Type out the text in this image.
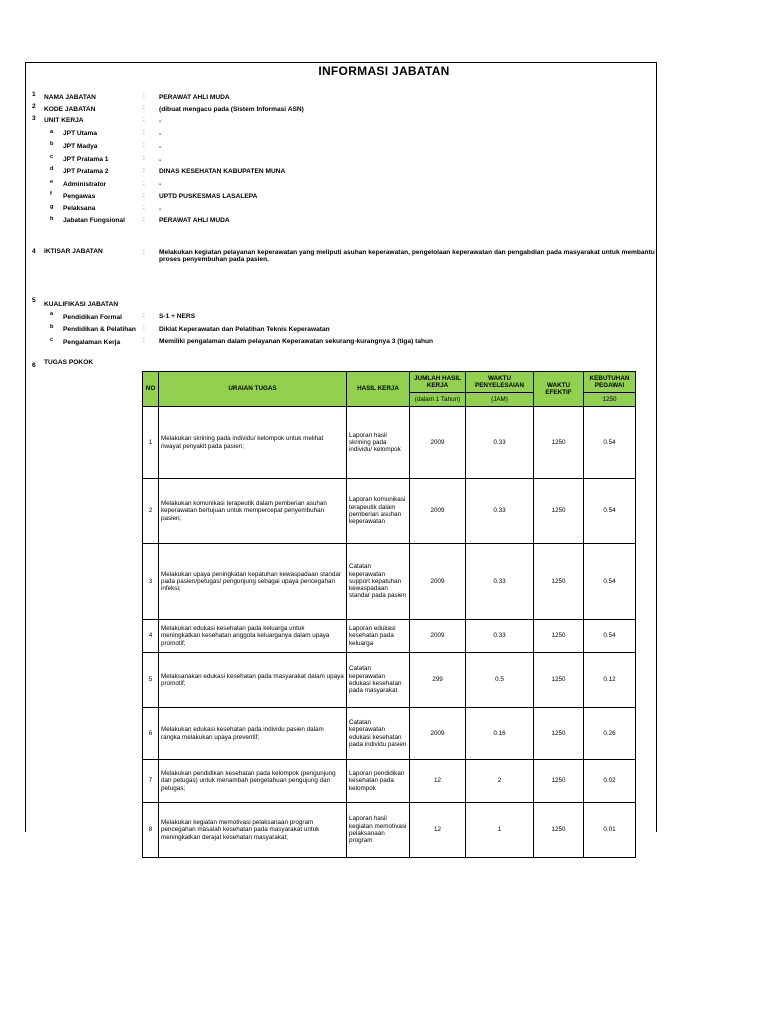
INFORMASI JABATAN
1 NAMA JABATAN	: PERAWAT AHLI MUDA
2 KODE JABATAN	: (dibuat mengacu pada (Sistem Informasi ASN)
3 UNIT KERJA	: -
a JPT Utama	: -
b JPT Madya	: -
c JPT Pratama 1	: -
d JPT Pratama 2	: DINAS KESEHATAN KABUPATEN MUNA
e Administrator	: -
f Pengawas	: UPTD PUSKESMAS LASALEPA
g Pelaksana	: -
h Jabatan Fungsional	: PERAWAT AHLI MUDA
4 IKTISAR JABATAN	: Melakukan kegiatan pelayanan keperawatan yang meliputi asuhan keperawatan, pengelolaan keperawatan dan pengabdian pada masyarakat untuk membantu
proses penyembuhan pada pasien.
5
KUALIFIKASI JABATAN
a Pendidikan Formal	: S-1 + NERS
b Pendidikan & Pelatihan : Diklat Keperawatan dan Pelatihan Teknis Keperawatan
c Pengalaman Kerja	: Memiliki pengalaman dalam pelayanan Keperawatan sekurang-kurangnya 3 (tiga) tahun
6 TUGAS POKOK
NO	URAIAN TUGAS	HASIL KERJA	JUMLAH HASIL KERJA	WAKTU PENYELESAIAN	WAKTU EFEKTIF	KEBUTUHAN PEGAWAI
			(dalam 1 Tahun)	(JAM)		1250
1	Melakukan skrining pada individu/ kelompok untuk melihat riwayat penyakit pada pasien;	Laporan hasil skrining pada individu/ kelompok	2009	0.33	1250	0.54
2	Melakukan komunikasi terapeutik dalam pemberian asuhan keperawatan bertujuan untuk mempercepat penyembuhan pasien;	Laporan komunikasi terapeutik dalam pemberian asuhan keperawatan	2009	0.33	1250	0.54
3	Melakukan upaya peningkatan kepatuhan kewaspadaan standar pada pasien/petugas/ pengunjung sebagai upaya pencegahan infeksi;	Catatan keperawatan support kepatuhan kewaspadaan standar pada pasien	2009	0.33	1250	0.54
4	Melakukan edukasi kesehatan pada keluarga untuk meningkatkan kesehatan anggota keluarganya dalam upaya promotif;	Laporan edukasi kesehatan pada keluarga	2009	0.33	1250	0.54
5	Melaksanakan edukasi kesehatan pada masyarakat dalam upaya promotif;	Catatan keperawatan edukasi kesehatan pada masyarakat	299	0.5	1250	0.12
6	Melakukan edukasi kesehatan pada individu pasien dalam rangka melakukan upaya preventif;	Catatan keperawatan edukasi kesehatan pada individu pasien	2009	0.16	1250	0.26
7	Melakukan pendidikan kesehatan pada kelompok (pengunjung dan petugas) untuk menambah pengetahuan pengujung dan petugas;	Laporan pendidikan kesehatan pada kelompok	12	2	1250	0.02
8	Melakukan kegiatan memotivasi pelaksanaan program pencegahan masalah kesehatan pada masyarakat untuk meningkatkan derajat kesehatan masyarakat;	Laporan hasil kegiatan memotivasi pelaksanaan program	12	1	1250	0.01
